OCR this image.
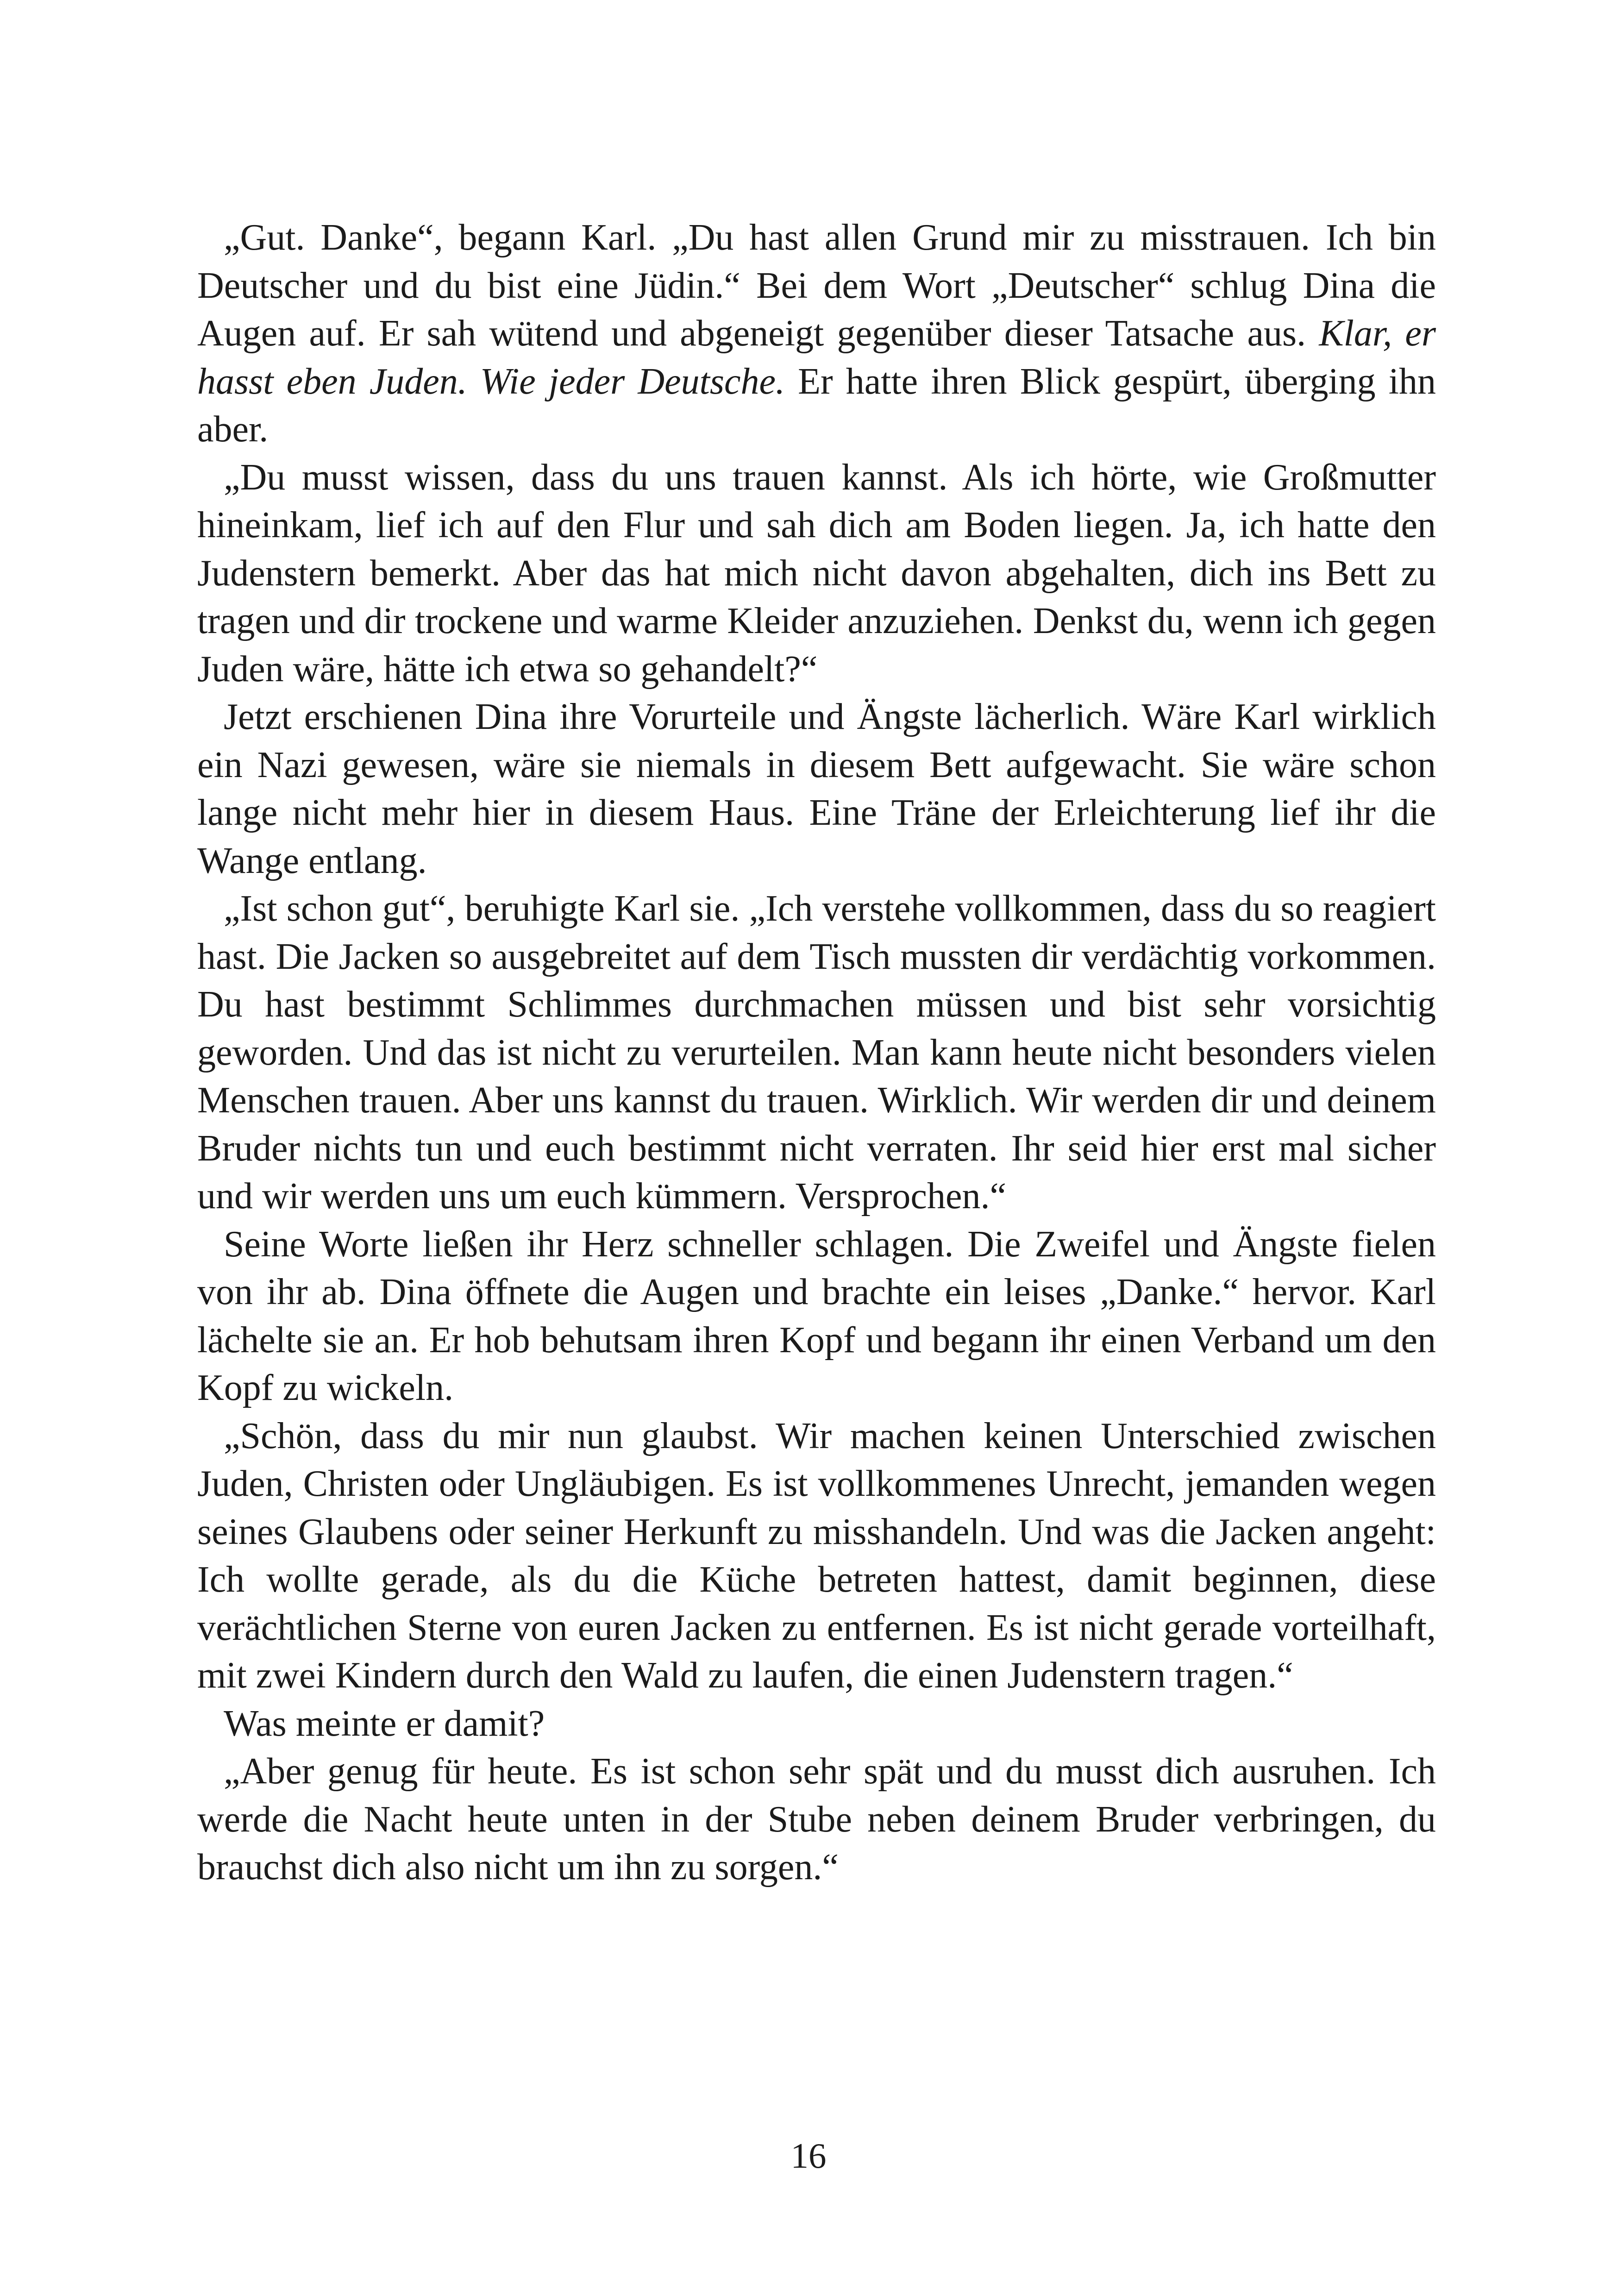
„Gut. Danke“, begann Karl. „Du hast allen Grund mir zu misstrauen. Ich bin Deutscher und du bist eine Jüdin.“ Bei dem Wort „Deutscher“ schlug Dina die Augen auf. Er sah wütend und abgeneigt gegenüber dieser Tatsache aus. Klar, er hasst eben Juden. Wie jeder Deutsche. Er hatte ihren Blick gespürt, überging ihn aber.

„Du musst wissen, dass du uns trauen kannst. Als ich hörte, wie Großmutter hineinkam, lief ich auf den Flur und sah dich am Boden liegen. Ja, ich hatte den Judenstern bemerkt. Aber das hat mich nicht davon abgehalten, dich ins Bett zu tragen und dir trockene und warme Kleider anzuziehen. Denkst du, wenn ich gegen Juden wäre, hätte ich etwa so gehandelt?“

Jetzt erschienen Dina ihre Vorurteile und Ängste lächerlich. Wäre Karl wirklich ein Nazi gewesen, wäre sie niemals in diesem Bett aufgewacht. Sie wäre schon lange nicht mehr hier in diesem Haus. Eine Träne der Erleichterung lief ihr die Wange entlang.

„Ist schon gut“, beruhigte Karl sie. „Ich verstehe vollkommen, dass du so reagiert hast. Die Jacken so ausgebreitet auf dem Tisch mussten dir verdächtig vorkommen. Du hast bestimmt Schlimmes durchmachen müssen und bist sehr vorsichtig geworden. Und das ist nicht zu verurteilen. Man kann heute nicht besonders vielen Menschen trauen. Aber uns kannst du trauen. Wirklich. Wir werden dir und deinem Bruder nichts tun und euch bestimmt nicht verraten. Ihr seid hier erst mal sicher und wir werden uns um euch kümmern. Versprochen.“

Seine Worte ließen ihr Herz schneller schlagen. Die Zweifel und Ängste fielen von ihr ab. Dina öffnete die Augen und brachte ein leises „Danke.“ hervor. Karl lächelte sie an. Er hob behutsam ihren Kopf und begann ihr einen Verband um den Kopf zu wickeln.

„Schön, dass du mir nun glaubst. Wir machen keinen Unterschied zwischen Juden, Christen oder Ungläubigen. Es ist vollkommenes Unrecht, jemanden wegen seines Glaubens oder seiner Herkunft zu misshandeln. Und was die Jacken angeht: Ich wollte gerade, als du die Küche betreten hattest, damit beginnen, diese verächtlichen Sterne von euren Jacken zu entfernen. Es ist nicht gerade vorteilhaft, mit zwei Kindern durch den Wald zu laufen, die einen Judenstern tragen.“

Was meinte er damit?

„Aber genug für heute. Es ist schon sehr spät und du musst dich ausruhen. Ich werde die Nacht heute unten in der Stube neben deinem Bruder verbringen, du brauchst dich also nicht um ihn zu sorgen.“

16
